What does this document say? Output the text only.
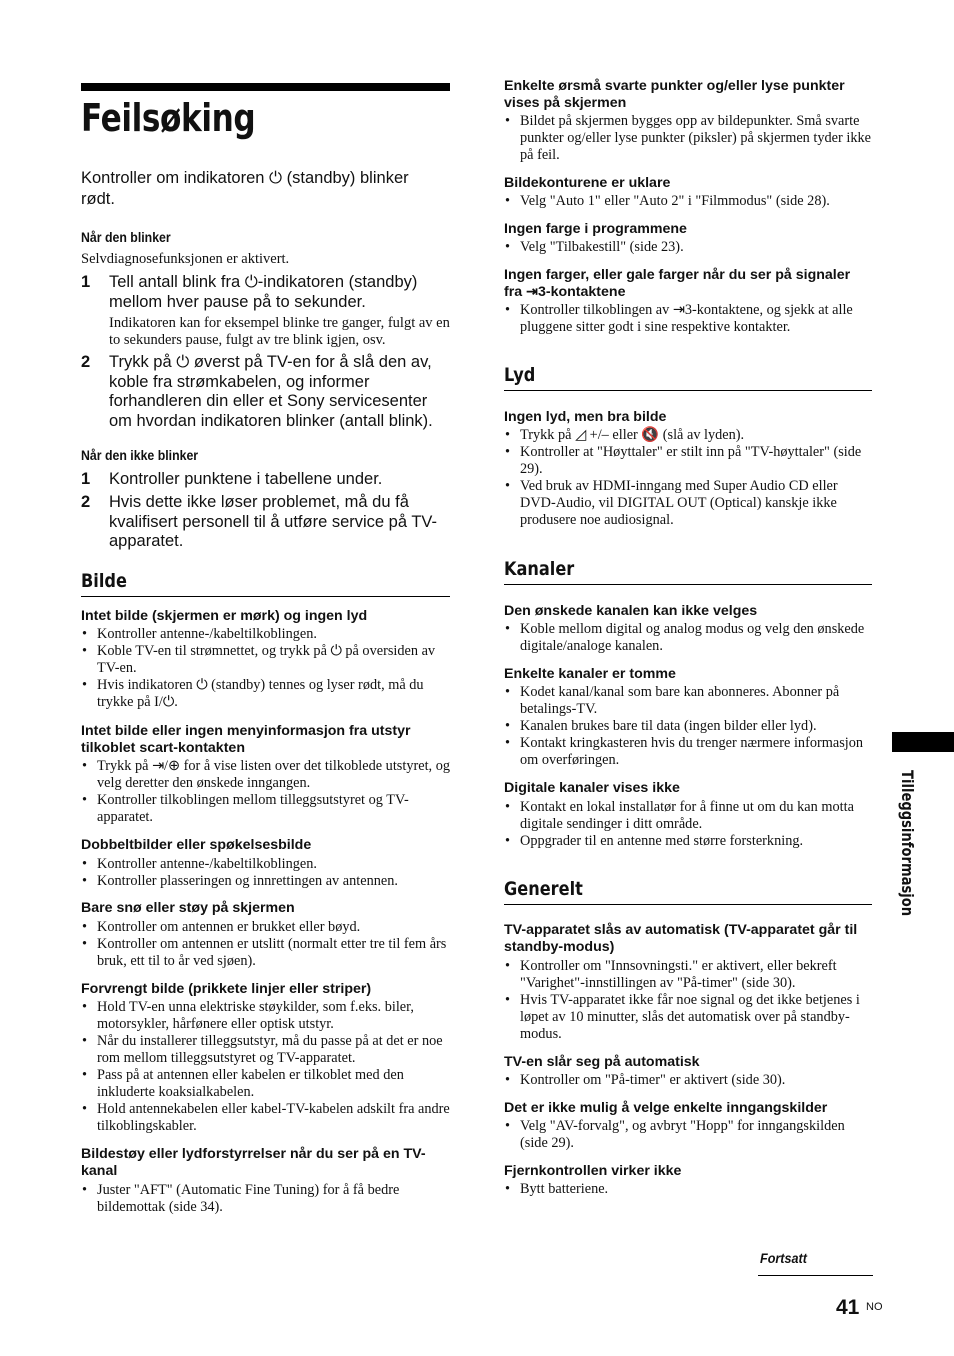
Feilsøking
Kontroller om indikatoren ⏻ (standby) blinker rødt.
Når den blinker
Selvdiagnosefunksjonen er aktivert.
1 Tell antall blink fra ⏻-indikatoren (standby) mellom hver pause på to sekunder.
Indikatoren kan for eksempel blinke tre ganger, fulgt av en to sekunders pause, fulgt av tre blink igjen, osv.
2 Trykk på ⏻ øverst på TV-en for å slå den av, koble fra strømkabelen, og informer forhandleren din eller et Sony servicesenter om hvordan indikatoren blinker (antall blink).
Når den ikke blinker
1 Kontroller punktene i tabellene under.
2 Hvis dette ikke løser problemet, må du få kvalifisert personell til å utføre service på TV-apparatet.
Bilde
Intet bilde (skjermen er mørk) og ingen lyd
• Kontroller antenne-/kabeltilkoblingen.
• Koble TV-en til strømnettet, og trykk på ⏻ på oversiden av TV-en.
• Hvis indikatoren ⏻ (standby) tennes og lyser rødt, må du trykke på I/⏻.
Intet bilde eller ingen menyinformasjon fra utstyr tilkoblet scart-kontakten
• Trykk på ⇥/⊕ for å vise listen over det tilkoblede utstyret, og velg deretter den ønskede inngangen.
• Kontroller tilkoblingen mellom tilleggsutstyret og TV-apparatet.
Dobbeltbilder eller spøkelsesbilde
• Kontroller antenne-/kabeltilkoblingen.
• Kontroller plasseringen og innrettingen av antennen.
Bare snø eller støy på skjermen
• Kontroller om antennen er brukket eller bøyd.
• Kontroller om antennen er utslitt (normalt etter tre til fem års bruk, ett til to år ved sjøen).
Forvrengt bilde (prikkete linjer eller striper)
• Hold TV-en unna elektriske støykilder, som f.eks. biler, motorsykler, hårfønere eller optisk utstyr.
• Når du installerer tilleggsutstyr, må du passe på at det er noe rom mellom tilleggsutstyret og TV-apparatet.
• Pass på at antennen eller kabelen er tilkoblet med den inkluderte koaksialkabelen.
• Hold antennekabelen eller kabel-TV-kabelen adskilt fra andre tilkoblingskabler.
Bildestøy eller lydforstyrrelser når du ser på en TV-kanal
• Juster "AFT" (Automatic Fine Tuning) for å få bedre bildemottak (side 34).
Enkelte ørsmå svarte punkter og/eller lyse punkter vises på skjermen
• Bildet på skjermen bygges opp av bildepunkter. Små svarte punkter og/eller lyse punkter (piksler) på skjermen tyder ikke på feil.
Bildekonturene er uklare
• Velg "Auto 1" eller "Auto 2" i "Filmmodus" (side 28).
Ingen farge i programmene
• Velg "Tilbakestill" (side 23).
Ingen farger, eller gale farger når du ser på signaler fra ⇥3-kontaktene
• Kontroller tilkoblingen av ⇥3-kontaktene, og sjekk at alle pluggene sitter godt i sine respektive kontakter.
Lyd
Ingen lyd, men bra bilde
• Trykk på ◿ +/– eller 🔇 (slå av lyden).
• Kontroller at "Høyttaler" er stilt inn på "TV-høyttaler" (side 29).
• Ved bruk av HDMI-inngang med Super Audio CD eller DVD-Audio, vil DIGITAL OUT (Optical) kanskje ikke produsere noe audiosignal.
Kanaler
Den ønskede kanalen kan ikke velges
• Koble mellom digital og analog modus og velg den ønskede digitale/analoge kanalen.
Enkelte kanaler er tomme
• Kodet kanal/kanal som bare kan abonneres. Abonner på betalings-TV.
• Kanalen brukes bare til data (ingen bilder eller lyd).
• Kontakt kringkasteren hvis du trenger nærmere informasjon om overføringen.
Digitale kanaler vises ikke
• Kontakt en lokal installatør for å finne ut om du kan motta digitale sendinger i ditt område.
• Oppgrader til en antenne med større forsterkning.
Generelt
TV-apparatet slås av automatisk (TV-apparatet går til standby-modus)
• Kontroller om "Innsovningsti." er aktivert, eller bekreft "Varighet"-innstillingen av "På-timer" (side 30).
• Hvis TV-apparatet ikke får noe signal og det ikke betjenes i løpet av 10 minutter, slås det automatisk over på standby-modus.
TV-en slår seg på automatisk
• Kontroller om "På-timer" er aktivert (side 30).
Det er ikke mulig å velge enkelte inngangskilder
• Velg "AV-forvalg", og avbryt "Hopp" for inngangskilden (side 29).
Fjernkontrollen virker ikke
• Bytt batteriene.
Tilleggsinformasjon
Fortsatt
41 NO
